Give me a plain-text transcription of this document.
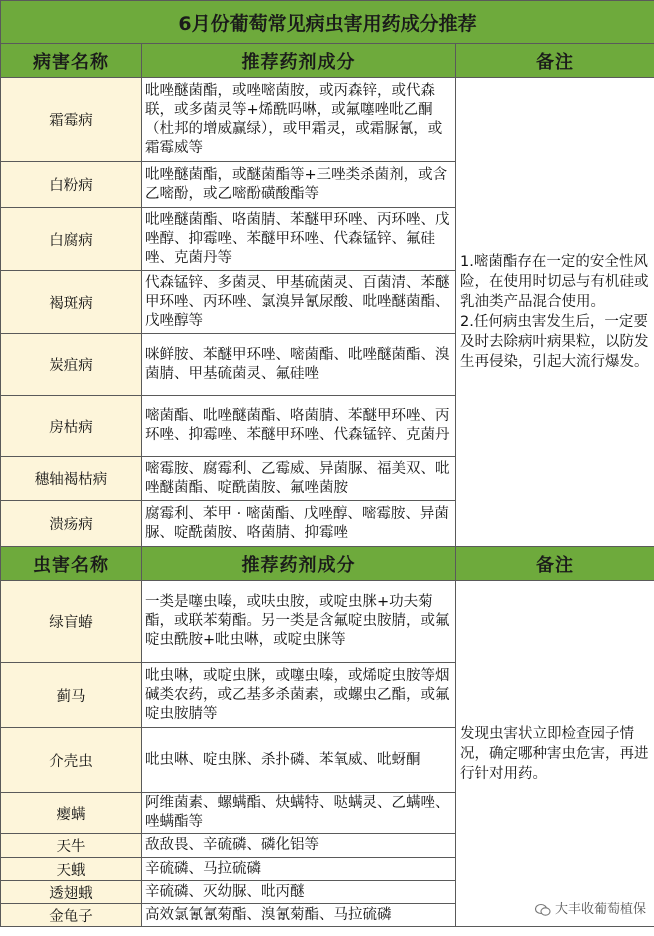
6月份葡萄常见病虫害用药成分推荐		
病害名称	推荐药剂成分	备注
霜霉病	吡唑醚菌酯，或唑嘧菌胺，或丙森锌，或代森联，或多菌灵等+烯酰吗啉，或氟噻唑吡乙酮（杜邦的增威赢绿），或甲霜灵，或霜脲氰，或霜霉威等	1.嘧菌酯存在一定的安全性风险，在使用时切忌与有机硅或乳油类产品混合使用。

2.任何病虫害发生后，一定要及时去除病叶病果粒，以防发生再侵染，引起大流行爆发。

白粉病	吡唑醚菌酯，或醚菌酯等+三唑类杀菌剂，或含乙嘧酚，或乙嘧酚磺酸酯等	
白腐病	吡唑醚菌酯、咯菌腈、苯醚甲环唑、丙环唑、戊唑醇、抑霉唑、苯醚甲环唑、代森锰锌、氟硅唑、克菌丹等	
褐斑病	代森锰锌、多菌灵、甲基硫菌灵、百菌清、苯醚甲环唑、丙环唑、氯溴异氰尿酸、吡唑醚菌酯、戊唑醇等	
炭疽病	咪鲜胺、苯醚甲环唑、嘧菌酯、吡唑醚菌酯、溴菌腈、甲基硫菌灵、氟硅唑	
房枯病	嘧菌酯、吡唑醚菌酯、咯菌腈、苯醚甲环唑、丙环唑、抑霉唑、苯醚甲环唑、代森锰锌、克菌丹	
穗轴褐枯病	嘧霉胺、腐霉利、乙霉威、异菌脲、福美双、吡唑醚菌酯、啶酰菌胺、氟唑菌胺	
溃疡病	腐霉利、苯甲 · 嘧菌酯、戊唑醇、嘧霉胺、异菌脲、啶酰菌胺、咯菌腈、抑霉唑	
虫害名称	推荐药剂成分	备注
绿盲蝽	一类是噻虫嗪，或呋虫胺，或啶虫脒+功夫菊酯，或联苯菊酯。另一类是含氟啶虫胺腈，或氟啶虫酰胺+吡虫啉，或啶虫脒等	发现虫害状立即检查园子情况，确定哪种害虫危害，再进行针对用药。

大丰收葡萄植保

蓟马	吡虫啉，或啶虫脒，或噻虫嗪，或烯啶虫胺等烟碱类农药，或乙基多杀菌素，或螺虫乙酯，或氟啶虫胺腈等	
介壳虫	吡虫啉、啶虫脒、杀扑磷、苯氧威、吡蚜酮	
瘿螨	阿维菌素、螺螨酯、炔螨特、哒螨灵、乙螨唑、唑螨酯等	
天牛	敌敌畏、辛硫磷、磷化铝等	
天蛾	辛硫磷、马拉硫磷	
透翅蛾	辛硫磷、灭幼脲、吡丙醚	
金龟子	高效氯氰氰菊酯、溴氰菊酯、马拉硫磷	
